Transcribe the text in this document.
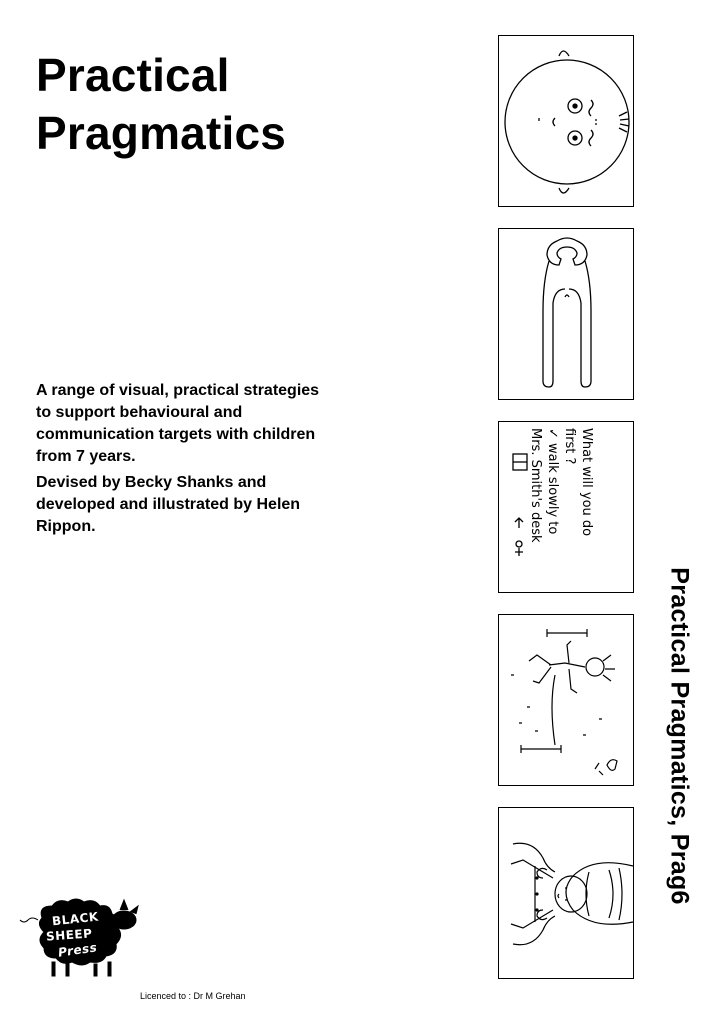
Practical
Pragmatics

A range of visual, practical strategies to support behavioural and communication targets with children from 7 years.

Devised by Becky Shanks and developed and illustrated by Helen Rippon.	What will you do
first ?
✓ walk slowly to
Mrs. Smith's desk
Practical Pragmatics, Prag6
BLACK
SHEEP
Press
Licenced to : Dr M Grehan
